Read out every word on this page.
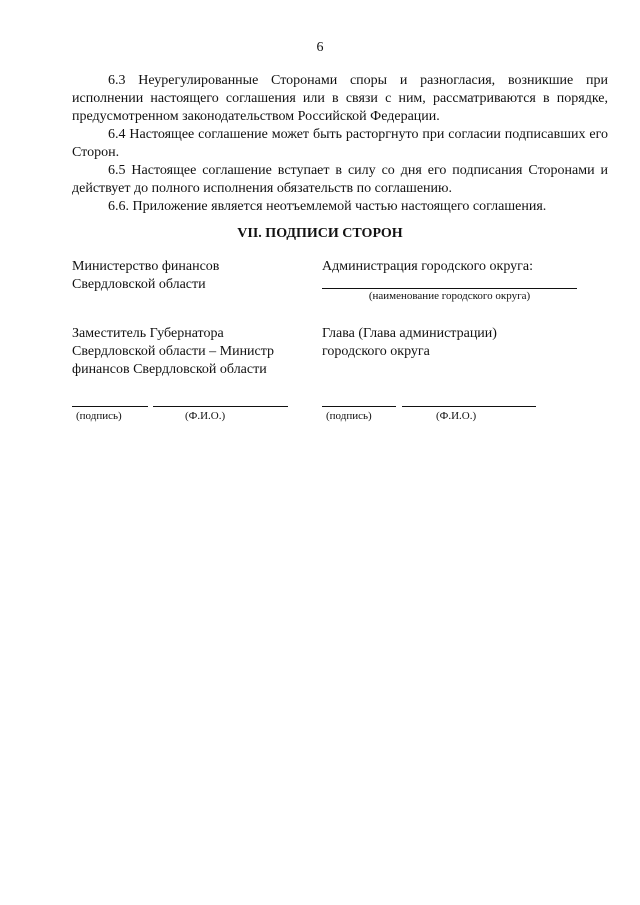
6

6.3 Неурегулированные Сторонами споры и разногласия, возникшие при исполнении настоящего соглашения или в связи с ним, рассматриваются в порядке, предусмотренном законодательством Российской Федерации.

6.4 Настоящее соглашение может быть расторгнуто при согласии подписавших его Сторон.

6.5 Настоящее соглашение вступает в силу со дня его подписания Сторонами и действует до полного исполнения обязательств по соглашению.

6.6. Приложение является неотъемлемой частью настоящего соглашения.

VII. ПОДПИСИ СТОРОН
Министерство финансов
Свердловской области
Администрация городского округа:
(наименование городского округа)
Заместитель Губернатора
Свердловской области – Министр
финансов Свердловской области
Глава (Глава администрации)
городского округа
(подпись)	(Ф.И.О.)	(подпись)	(Ф.И.О.)
